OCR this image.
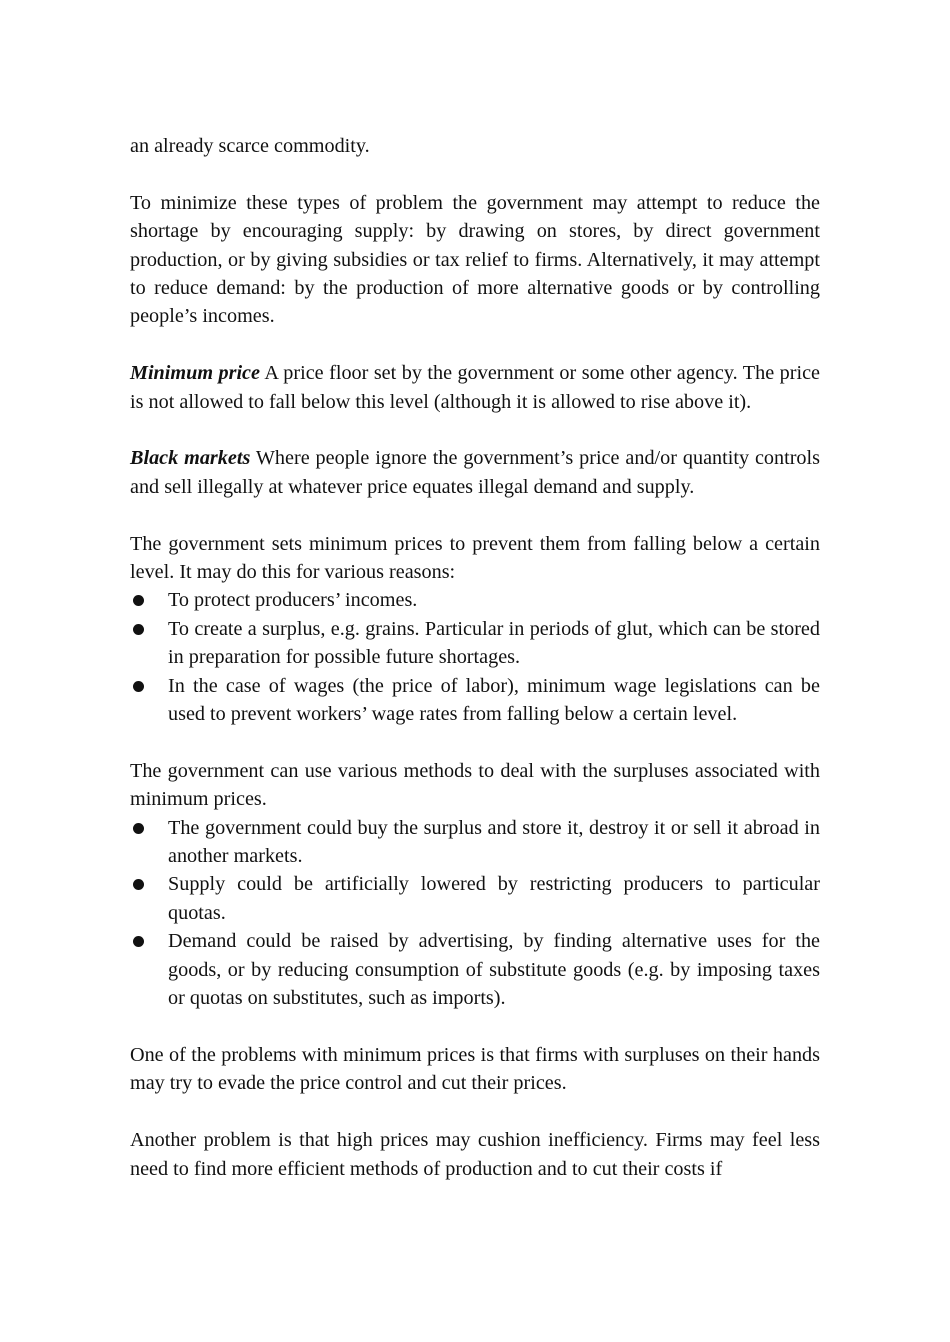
an already scarce commodity.

To minimize these types of problem the government may attempt to reduce the shortage by encouraging supply: by drawing on stores, by direct government production, or by giving subsidies or tax relief to firms. Alternatively, it may attempt to reduce demand: by the production of more alternative goods or by controlling people’s incomes.

Minimum price A price floor set by the government or some other agency. The price is not allowed to fall below this level (although it is allowed to rise above it).

Black markets Where people ignore the government’s price and/or quantity controls and sell illegally at whatever price equates illegal demand and supply.

The government sets minimum prices to prevent them from falling below a certain level. It may do this for various reasons:

To protect producers’ incomes.
To create a surplus, e.g. grains. Particular in periods of glut, which can be stored in preparation for possible future shortages.
In the case of wages (the price of labor), minimum wage legislations can be used to prevent workers’ wage rates from falling below a certain level.

The government can use various methods to deal with the surpluses associated with minimum prices.

The government could buy the surplus and store it, destroy it or sell it abroad in another markets.
Supply could be artificially lowered by restricting producers to particular quotas.
Demand could be raised by advertising, by finding alternative uses for the goods, or by reducing consumption of substitute goods (e.g. by imposing taxes or quotas on substitutes, such as imports).

One of the problems with minimum prices is that firms with surpluses on their hands may try to evade the price control and cut their prices.

Another problem is that high prices may cushion inefficiency. Firms may feel less need to find more efficient methods of production and to cut their costs if
